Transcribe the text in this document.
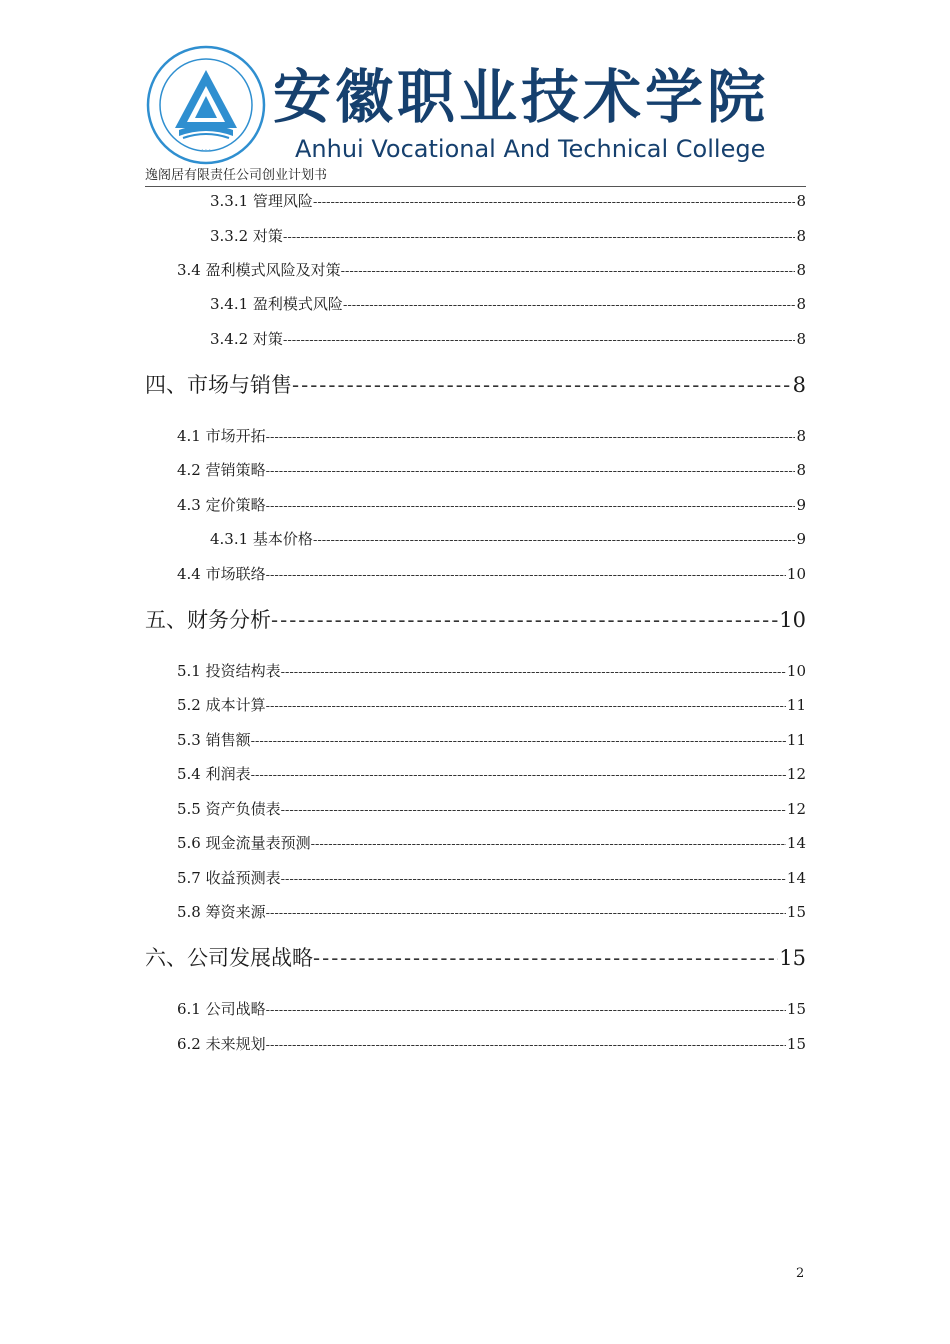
· · ·
安徽职业技术学院
Anhui Vocational And Technical College
逸阁居有限责任公司创业计划书
3.3.1 管理风险 -----	8
3.3.2 对策 -----	8
3.4 盈利模式风险及对策 -----	8
3.4.1 盈利模式风险 -----	8
3.4.2 对策 -----	8
四、市场与销售 -----	8
4.1 市场开拓 -----	8
4.2 营销策略 -----	8
4.3 定价策略 -----	9
4.3.1 基本价格 -----	9
4.4 市场联络 -----	10
五、财务分析 -----	10
5.1 投资结构表 -----	10
5.2 成本计算 -----	11
5.3 销售额 -----	11
5.4 利润表 -----	12
5.5 资产负债表 -----	12
5.6 现金流量表预测 -----	14
5.7 收益预测表 -----	14
5.8 筹资来源 -----	15
六、公司发展战略 -----	15
6.1 公司战略 -----	15
6.2 未来规划 -----	15
2
